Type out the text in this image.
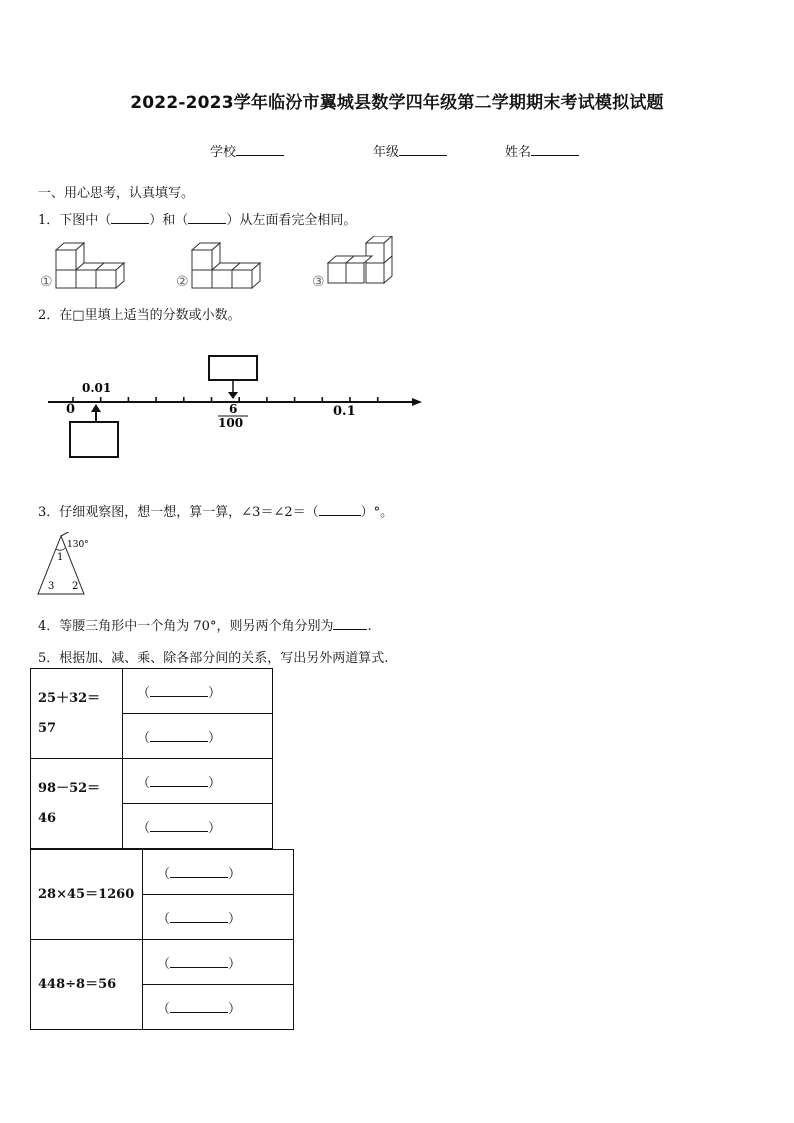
2022-2023学年临汾市翼城县数学四年级第二学期期末考试模拟试题
学校	年级	姓名
一、用心思考，认真填写。
1．下图中（	）和（	）从左面看完全相同。
①	②	③
2．在□里填上适当的分数或小数。
0
0.01
6
100
0.1
3．仔细观察图，想一想，算一算，∠3＝∠2＝（	）°。
130°
1
3 2
4．等腰三角形中一个角为 70°，则另两个角分别为	.
5．根据加、减、乘、除各部分间的关系，写出另外两道算式.
25＋32＝
57	（ ）
	（ ）

98－52＝
46	（ ）
	（ ）
28×45＝1260	（ ）
	（ ）
448÷8＝56	（ ）
	（ ）
